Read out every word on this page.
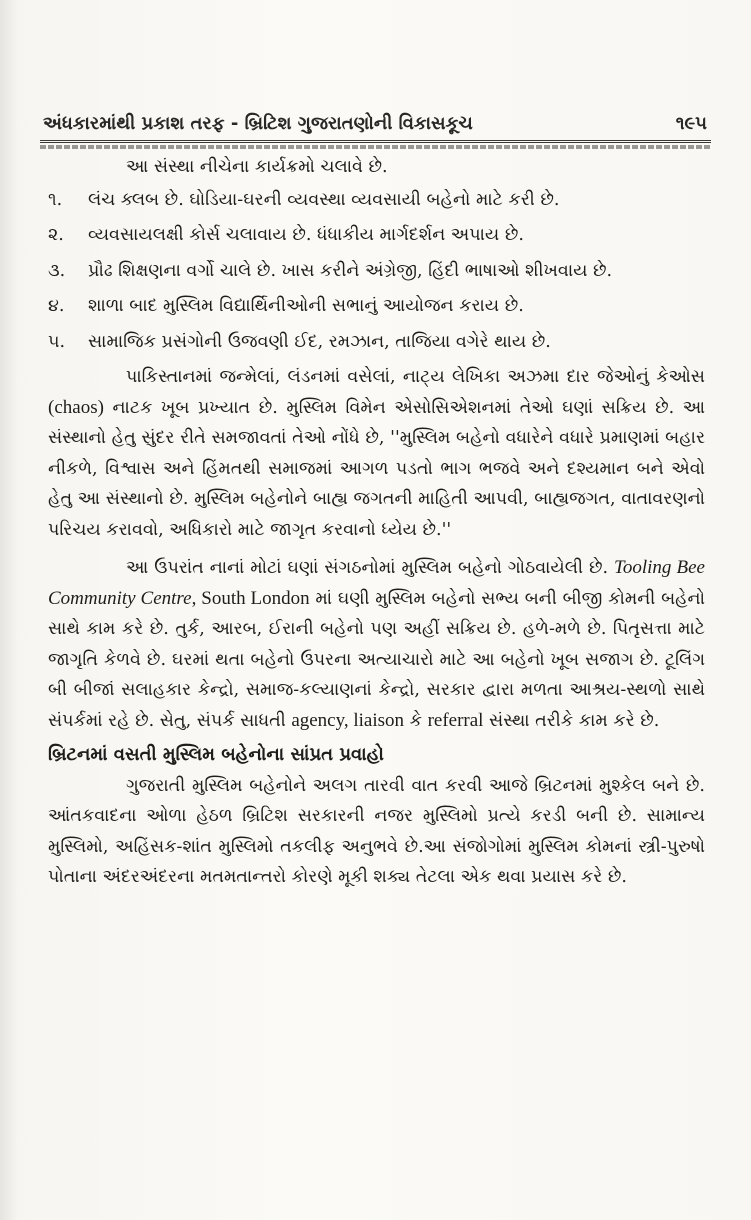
અંધકારમાંથી પ્રકાશ તરફ - બ્રિટિશ ગુજરાતણોની વિકાસકૂચ	૧૯૫

આ સંસ્થા નીચેના કાર્યક્રમો ચલાવે છે.

૧. લંચ ક્લબ છે. ઘોડિયા-ઘરની વ્યવસ્થા વ્યવસાયી બહેનો માટે કરી છે.
૨. વ્યવસાયલક્ષી કોર્સ ચલાવાય છે. ધંધાકીય માર્ગદર્શન અપાય છે.
૩. પ્રૌઢ શિક્ષણના વર્ગો ચાલે છે. ખાસ કરીને અંગ્રેજી, હિંદી ભાષાઓ શીખવાય છે.
૪. શાળા બાદ મુસ્લિમ વિદ્યાર્થિનીઓની સભાનું આયોજન કરાય છે.
૫. સામાજિક પ્રસંગોની ઉજવણી ઈદ, રમઝાન, તાજિયા વગેરે થાય છે.

પાકિસ્તાનમાં જન્મેલાં, લંડનમાં વસેલાં, નાટ્ય લેખિકા અઝમા દાર જેઓનું કેઓસ (chaos) નાટક ખૂબ પ્રખ્યાત છે. મુસ્લિમ વિમેન એસોસિએશનમાં તેઓ ઘણાં સક્રિય છે. આ સંસ્થાનો હેતુ સુંદર રીતે સમજાવતાં તેઓ નોંધે છે, ''મુસ્લિમ બહેનો વધારેને વધારે પ્રમાણમાં બહાર નીકળે, વિશ્વાસ અને હિંમતથી સમાજમાં આગળ પડતો ભાગ ભજવે અને દશ્યમાન બને એવો હેતુ આ સંસ્થાનો છે. મુસ્લિમ બહેનોને બાહ્ય જગતની માહિતી આપવી, બાહ્યજગત, વાતાવરણનો પરિચય કરાવવો, અધિકારો માટે જાગૃત કરવાનો ધ્યેય છે.''

આ ઉપરાંત નાનાં મોટાં ઘણાં સંગઠનોમાં મુસ્લિમ બહેનો ગોઠવાયેલી છે. Tooling Bee Community Centre, South London માં ઘણી મુસ્લિમ બહેનો સભ્ય બની બીજી કોમની બહેનો સાથે કામ કરે છે. તુર્ક, આરબ, ઈરાની બહેનો પણ અહીં સક્રિય છે. હળે-મળે છે. પિતૃસત્તા માટે જાગૃતિ કેળવે છે. ઘરમાં થતા બહેનો ઉપરના અત્યાચારો માટે આ બહેનો ખૂબ સજાગ છે. ટૂલિંગ બી બીજાં સલાહકાર કેન્દ્રો, સમાજ-કલ્યાણનાં કેન્દ્રો, સરકાર દ્વારા મળતા આશ્રય-સ્થળો સાથે સંપર્કમાં રહે છે. સેતુ, સંપર્ક સાધતી agency, liaison કે referral સંસ્થા તરીકે કામ કરે છે.

બ્રિટનમાં વસતી મુસ્લિમ બહેનોના સાંપ્રત પ્રવાહો

ગુજરાતી મુસ્લિમ બહેનોને અલગ તારવી વાત કરવી આજે બ્રિટનમાં મુશ્કેલ બને છે. આંતકવાદના ઓળા હેઠળ બ્રિટિશ સરકારની નજર મુસ્લિમો પ્રત્યે કરડી બની છે. સામાન્ય મુસ્લિમો, અહિંસક-શાંત મુસ્લિમો તકલીફ અનુભવે છે.આ સંજોગોમાં મુસ્લિમ કોમનાં સ્ત્રી-પુરુષો પોતાના અંદરઅંદરના મતમતાન્તરો કોરણે મૂકી શક્ય તેટલા એક થવા પ્રયાસ કરે છે.
